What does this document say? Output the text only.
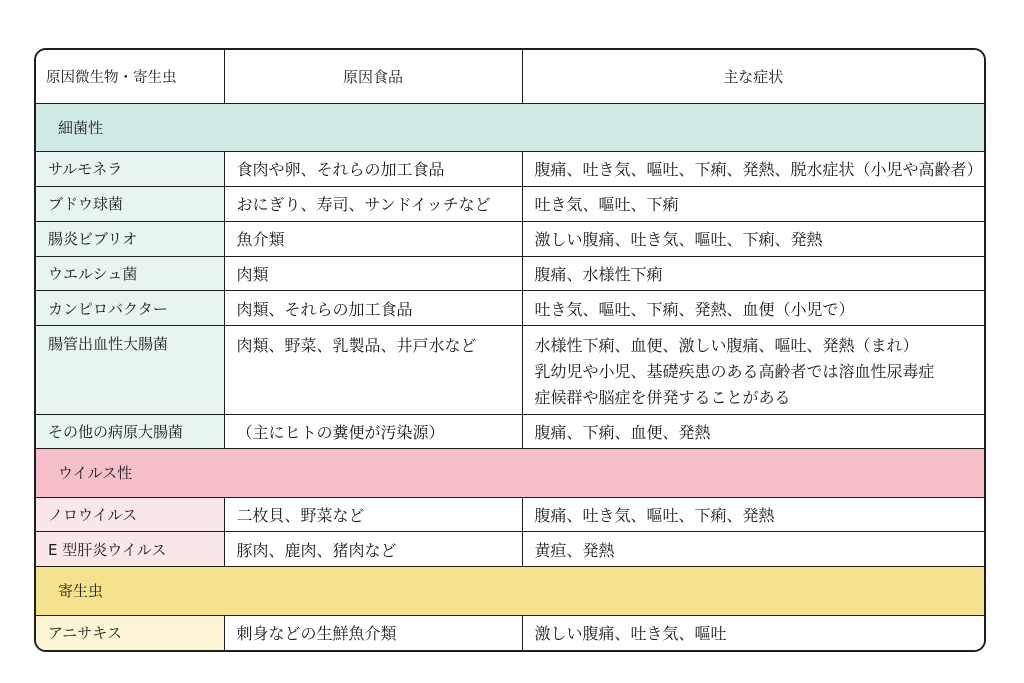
原因微生物・寄生虫	原因食品	主な症状
細菌性		
サルモネラ	食肉や卵、それらの加工食品	腹痛、吐き気、嘔吐、下痢、発熱、脱水症状（小児や高齢者）
ブドウ球菌	おにぎり、寿司、サンドイッチなど	吐き気、嘔吐、下痢
腸炎ビブリオ	魚介類	激しい腹痛、吐き気、嘔吐、下痢、発熱
ウエルシュ菌	肉類	腹痛、水様性下痢
カンピロバクター	肉類、それらの加工食品	吐き気、嘔吐、下痢、発熱、血便（小児で）
腸管出血性大腸菌	肉類、野菜、乳製品、井戸水など	水様性下痢、血便、激しい腹痛、嘔吐、発熱（まれ）
乳幼児や小児、基礎疾患のある高齢者では溶血性尿毒症
症候群や脳症を併発することがある

その他の病原大腸菌	（主にヒトの糞便が汚染源）	腹痛、下痢、血便、発熱
ウイルス性		
ノロウイルス	二枚貝、野菜など	腹痛、吐き気、嘔吐、下痢、発熱
E 型肝炎ウイルス	豚肉、鹿肉、猪肉など	黄疸、発熱
寄生虫		
アニサキス	刺身などの生鮮魚介類	激しい腹痛、吐き気、嘔吐
